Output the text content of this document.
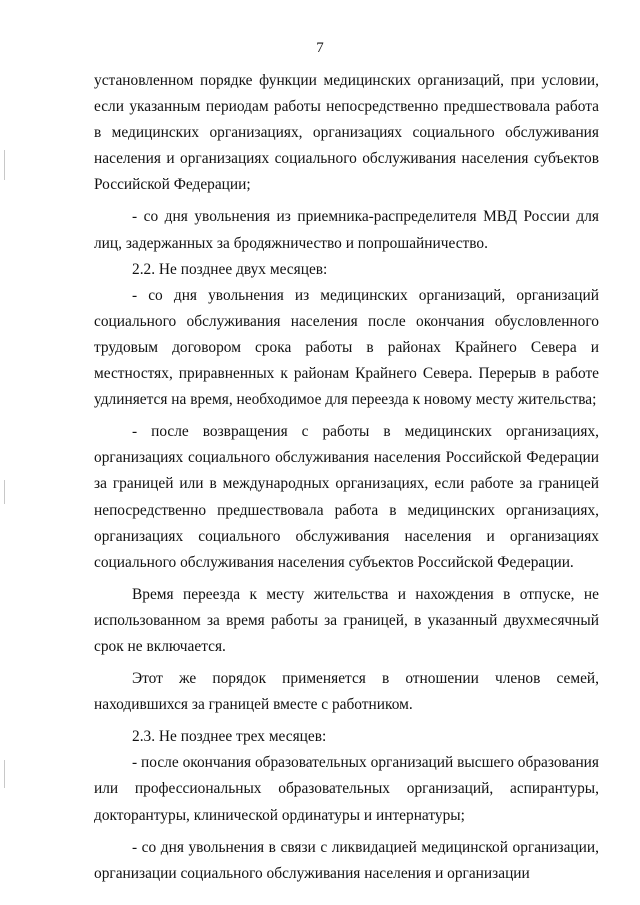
7

установленном порядке функции медицинских организаций, при условии, если указанным периодам работы непосредственно предшествовала работа в медицинских организациях, организациях социального обслуживания населения и организациях социального обслуживания населения субъектов Российской Федерации;

- со дня увольнения из приемника-распределителя МВД России для лиц, задержанных за бродяжничество и попрошайничество.

2.2. Не позднее двух месяцев:

- со дня увольнения из медицинских организаций, организаций социального обслуживания населения после окончания обусловленного трудовым договором срока работы в районах Крайнего Севера и местностях, приравненных к районам Крайнего Севера. Перерыв в работе удлиняется на время, необходимое для переезда к новому месту жительства;

- после возвращения с работы в медицинских организациях, организациях социального обслуживания населения Российской Федерации за границей или в международных организациях, если работе за границей непосредственно предшествовала работа в медицинских организациях, организациях социального обслуживания населения и организациях социального обслуживания населения субъектов Российской Федерации.

Время переезда к месту жительства и нахождения в отпуске, не использованном за время работы за границей, в указанный двухмесячный срок не включается.

Этот же порядок применяется в отношении членов семей, находившихся за границей вместе с работником.

2.3. Не позднее трех месяцев:

- после окончания образовательных организаций высшего образования или профессиональных образовательных организаций, аспирантуры, докторантуры, клинической ординатуры и интернатуры;

- со дня увольнения в связи с ликвидацией медицинской организации, организации социального обслуживания населения и организации
